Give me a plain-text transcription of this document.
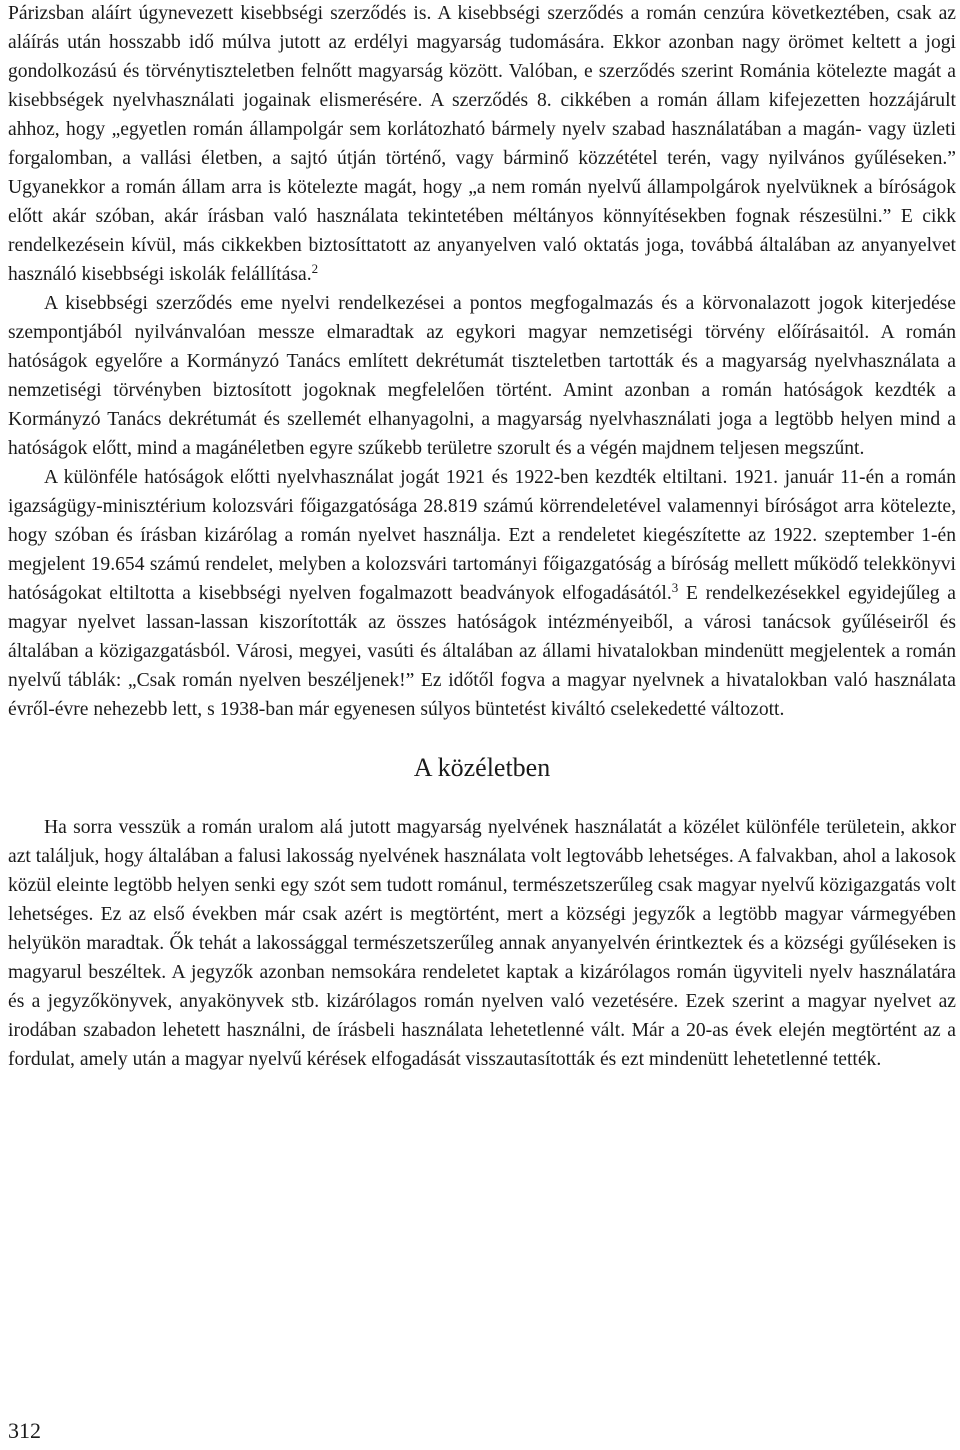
Párizsban aláírt úgynevezett kisebbségi szerződés is. A kisebbségi szerződés a román cenzúra következtében, csak az aláírás után hosszabb idő múlva jutott az erdélyi magyarság tudomására. Ekkor azonban nagy örömet keltett a jogi gondolkozású és törvénytiszteletben felnőtt magyarság között. Valóban, e szerződés szerint Románia kötelezte magát a kisebbségek nyelvhasználati jogainak elismerésére. A szerződés 8. cikkében a román állam kifejezetten hozzájárult ahhoz, hogy „egyetlen román állampolgár sem korlátozható bármely nyelv szabad használatában a magán- vagy üzleti forgalomban, a vallási életben, a sajtó útján történő, vagy bárminő közzététel terén, vagy nyilvános gyűléseken.” Ugyanekkor a román állam arra is kötelezte magát, hogy „a nem román nyelvű állampolgárok nyelvüknek a bíróságok előtt akár szóban, akár írásban való használata tekintetében méltányos könnyítésekben fognak részesülni.” E cikk rendelkezésein kívül, más cikkekben biztosíttatott az anyanyelven való oktatás joga, továbbá általában az anyanyelvet használó kisebbségi iskolák felállítása.$^2$

A kisebbségi szerződés eme nyelvi rendelkezései a pontos megfogalmazás és a körvonalazott jogok kiterjedése szempontjából nyilvánvalóan messze elmaradtak az egykori magyar nemzetiségi törvény előírásaitól. A román hatóságok egyelőre a Kormányzó Tanács említett dekrétumát tiszteletben tartották és a magyarság nyelvhasználata a nemzetiségi törvényben biztosított jogoknak megfelelően történt. Amint azonban a román hatóságok kezdték a Kormányzó Tanács dekrétumát és szellemét elhanyagolni, a magyarság nyelvhasználati joga a legtöbb helyen mind a hatóságok előtt, mind a magánéletben egyre szűkebb területre szorult és a végén majdnem teljesen megszűnt.

A különféle hatóságok előtti nyelvhasználat jogát 1921 és 1922-ben kezdték eltiltani. 1921. január 11-én a román igazságügy-minisztérium kolozsvári főigazgatósága 28.819 számú körrendeletével valamennyi bíróságot arra kötelezte, hogy szóban és írásban kizárólag a román nyelvet használja. Ezt a rendeletet kiegészítette az 1922. szeptember 1-én megjelent 19.654 számú rendelet, melyben a kolozsvári tartományi főigazgatóság a bíróság mellett működő telekkönyvi hatóságokat eltiltotta a kisebbségi nyelven fogalmazott beadványok elfogadásától.$^3$ E rendelkezésekkel egyidejűleg a magyar nyelvet lassan-lassan kiszorították az összes hatóságok intézményeiből, a városi tanácsok gyűléseiről és általában a közigazgatásból. Városi, megyei, vasúti és általában az állami hivatalokban mindenütt megjelentek a román nyelvű táblák: „Csak román nyelven beszéljenek!” Ez időtől fogva a magyar nyelvnek a hivatalokban való használata évről-évre nehezebb lett, s 1938-ban már egyenesen súlyos büntetést kiváltó cselekedetté változott.

A közéletben

Ha sorra vesszük a román uralom alá jutott magyarság nyelvének használatát a közélet különféle területein, akkor azt találjuk, hogy általában a falusi lakosság nyelvének használata volt legtovább lehetséges. A falvakban, ahol a lakosok közül eleinte legtöbb helyen senki egy szót sem tudott románul, természetszerűleg csak magyar nyelvű közigazgatás volt lehetséges. Ez az első években már csak azért is megtörtént, mert a községi jegyzők a legtöbb magyar vármegyében helyükön maradtak. Ők tehát a lakossággal természetszerűleg annak anyanyelvén érintkeztek és a községi gyűléseken is magyarul beszéltek. A jegyzők azonban nemsokára rendeletet kaptak a kizárólagos román ügyviteli nyelv használatára és a jegyzőkönyvek, anyakönyvek stb. kizárólagos román nyelven való vezetésére. Ezek szerint a magyar nyelvet az irodában szabadon lehetett használni, de írásbeli használata lehetetlenné vált. Már a 20-as évek elején megtörtént az a fordulat, amely után a magyar nyelvű kérések elfogadását visszautasították és ezt mindenütt lehetetlenné tették.

312
